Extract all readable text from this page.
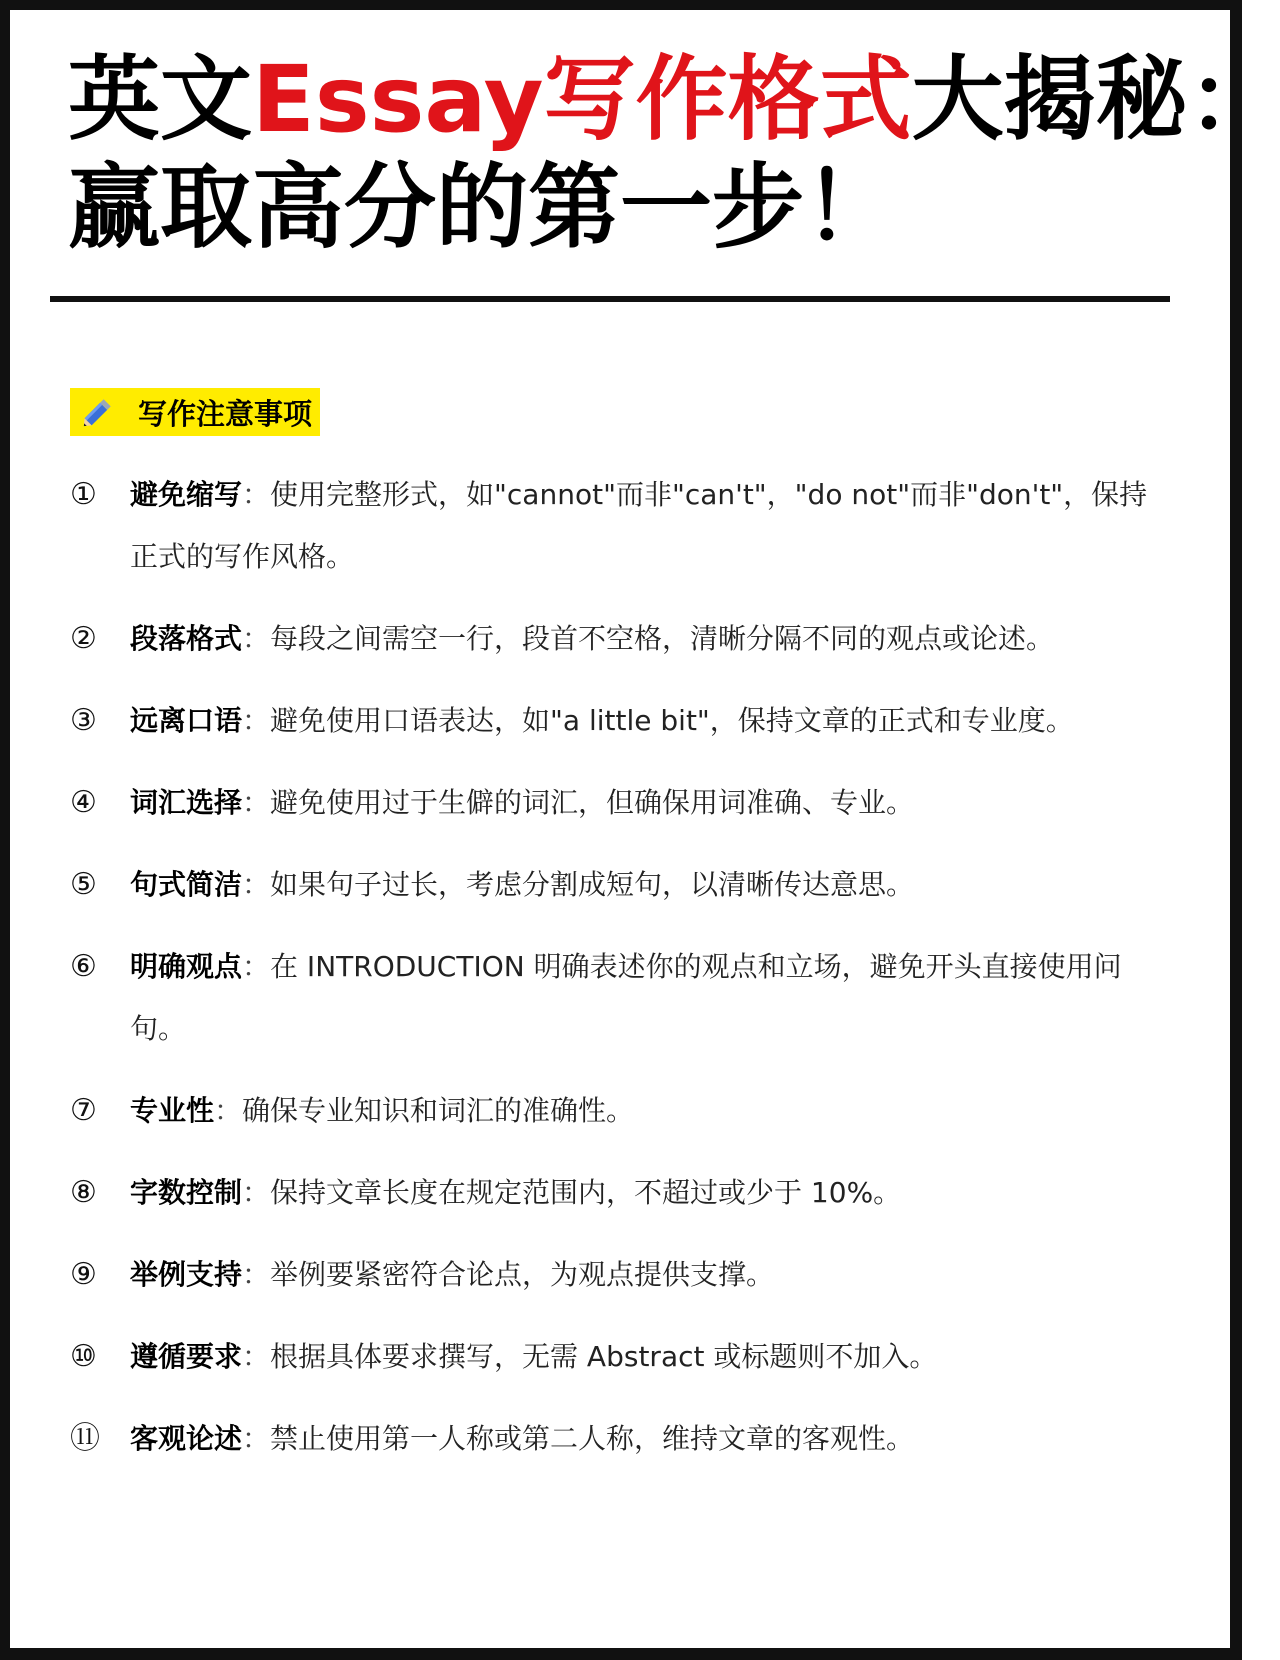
英文Essay写作格式大揭秘：
赢取高分的第一步！
写作注意事项
①	避免缩写：使用完整形式，如"cannot"而非"can't"，"do not"而非"don't"，保持正式的写作风格。
②	段落格式：每段之间需空一行，段首不空格，清晰分隔不同的观点或论述。
③	远离口语：避免使用口语表达，如"a little bit"，保持文章的正式和专业度。
④	词汇选择：避免使用过于生僻的词汇，但确保用词准确、专业。
⑤	句式简洁：如果句子过长，考虑分割成短句，以清晰传达意思。
⑥	明确观点：在 INTRODUCTION 明确表述你的观点和立场，避免开头直接使用问句。
⑦	专业性：确保专业知识和词汇的准确性。
⑧	字数控制：保持文章长度在规定范围内，不超过或少于 10%。
⑨	举例支持：举例要紧密符合论点，为观点提供支撑。
⑩	遵循要求：根据具体要求撰写，无需 Abstract 或标题则不加入。
⑪	客观论述：禁止使用第一人称或第二人称，维持文章的客观性。
